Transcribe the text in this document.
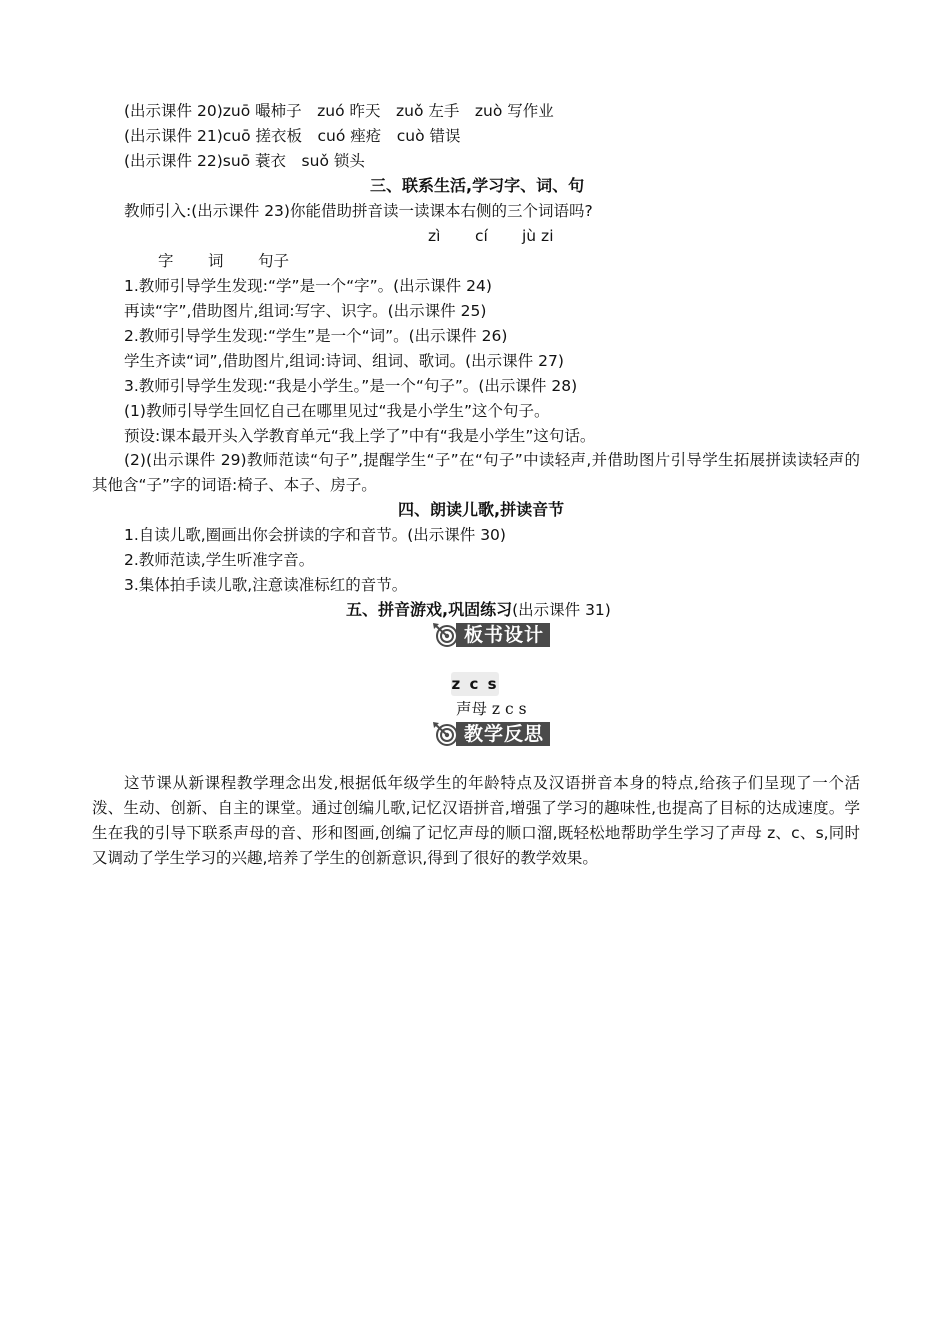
(出示课件 20)zuō 嘬柿子　zuó 昨天　zuǒ 左手　zuò 写作业
(出示课件 21)cuō 搓衣板　cuó 痤疮　cuò 错误
(出示课件 22)suō 蓑衣　suǒ 锁头
三、联系生活,学习字、词、句
教师引入:(出示课件 23)你能借助拼音读一读课本右侧的三个词语吗?
zì cí jù zi
字 词 句子
1.教师引导学生发现:“学”是一个“字”。(出示课件 24)
再读“字”,借助图片,组词:写字、识字。(出示课件 25)
2.教师引导学生发现:“学生”是一个“词”。(出示课件 26)
学生齐读“词”,借助图片,组词:诗词、组词、歌词。(出示课件 27)
3.教师引导学生发现:“我是小学生。”是一个“句子”。(出示课件 28)
(1)教师引导学生回忆自己在哪里见过“我是小学生”这个句子。
预设:课本最开头入学教育单元“我上学了”中有“我是小学生”这句话。
(2)(出示课件 29)教师范读“句子”,提醒学生“子”在“句子”中读轻声,并借助图片引导学生拓展拼读读轻声的其他含“子”字的词语:椅子、本子、房子。
四、朗读儿歌,拼读音节
1.自读儿歌,圈画出你会拼读的字和音节。(出示课件 30)
2.教师范读,学生听准字音。
3.集体拍手读儿歌,注意读准标红的音节。
五、拼音游戏,巩固练习(出示课件 31)
板书设计
z c s
声母 z c s
教学反思
这节课从新课程教学理念出发,根据低年级学生的年龄特点及汉语拼音本身的特点,给孩子们呈现了一个活泼、生动、创新、自主的课堂。通过创编儿歌,记忆汉语拼音,增强了学习的趣味性,也提高了目标的达成速度。学生在我的引导下联系声母的音、形和图画,创编了记忆声母的顺口溜,既轻松地帮助学生学习了声母 z、c、s,同时又调动了学生学习的兴趣,培养了学生的创新意识,得到了很好的教学效果。
